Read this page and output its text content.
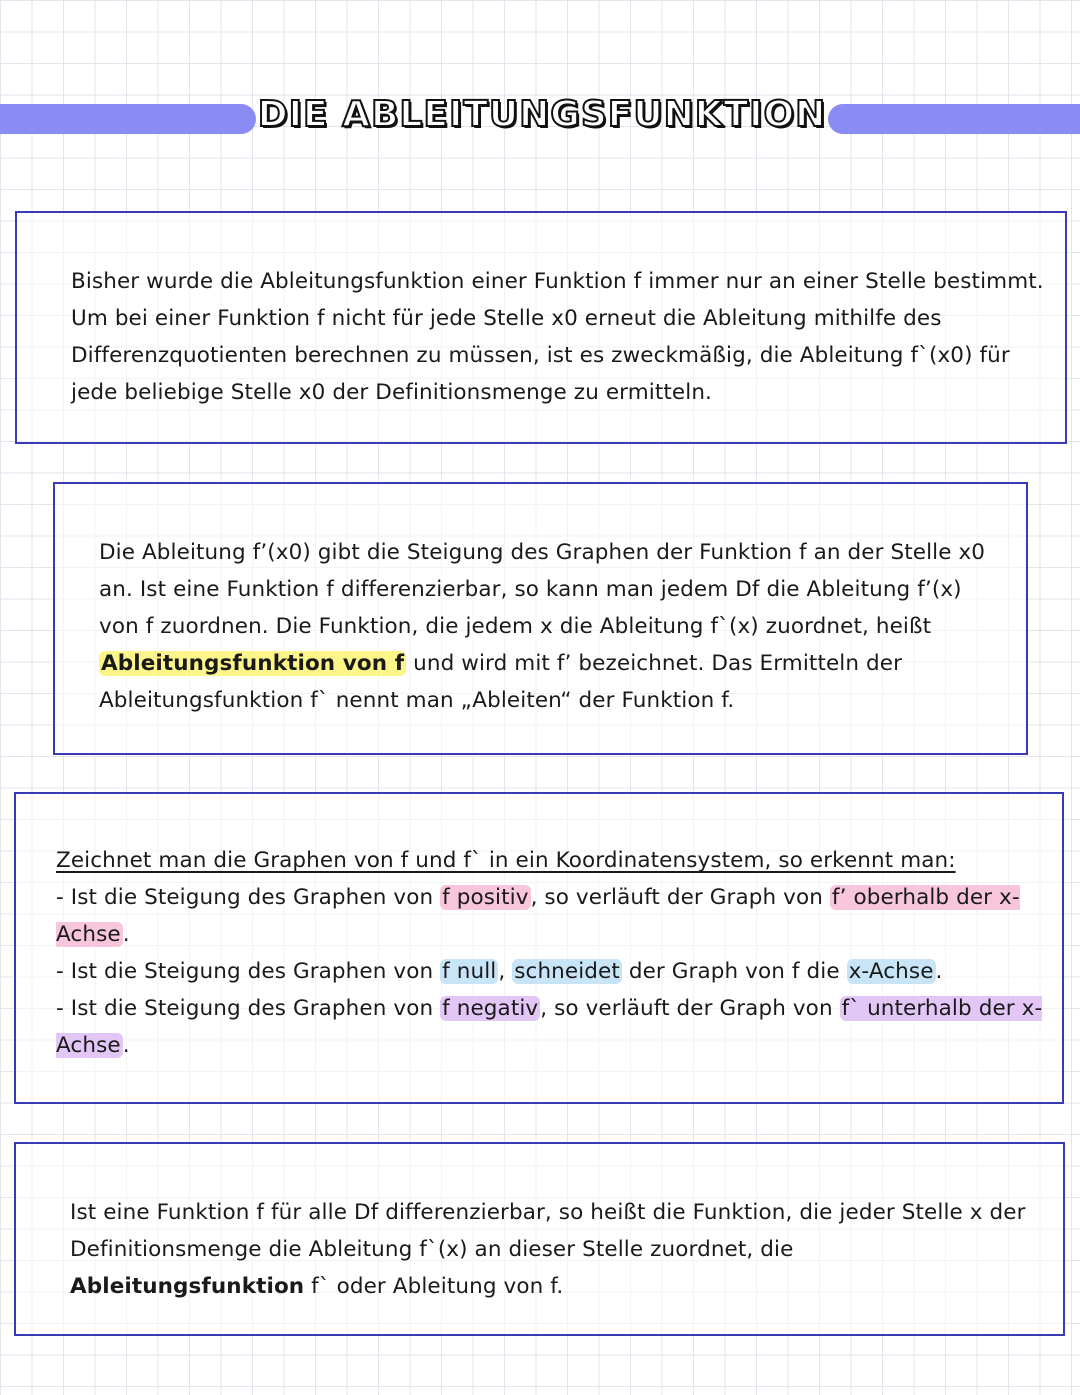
DIE ABLEITUNGSFUNKTION

Bisher wurde die Ableitungsfunktion einer Funktion f immer nur an einer Stelle bestimmt. Um bei einer Funktion f nicht für jede Stelle x0 erneut die Ableitung mithilfe des Differenzquotienten berechnen zu müssen, ist es zweckmäßig, die Ableitung f`(x0) für jede beliebige Stelle x0 der Definitionsmenge zu ermitteln.

Die Ableitung f’(x0) gibt die Steigung des Graphen der Funktion f an der Stelle x0 an. Ist eine Funktion f differenzierbar, so kann man jedem Df die Ableitung f’(x) von f zuordnen. Die Funktion, die jedem x die Ableitung f`(x) zuordnet, heißt Ableitungsfunktion von f und wird mit f’ bezeichnet. Das Ermitteln der Ableitungsfunktion f` nennt man „Ableiten“ der Funktion f.

Zeichnet man die Graphen von f und f` in ein Koordinatensystem, so erkennt man:

- Ist die Steigung des Graphen von f positiv, so verläuft der Graph von f’ oberhalb der x-Achse.

- Ist die Steigung des Graphen von f null, schneidet der Graph von f die x-Achse.

- Ist die Steigung des Graphen von f negativ, so verläuft der Graph von f` unterhalb der x-Achse.

Ist eine Funktion f für alle Df differenzierbar, so heißt die Funktion, die jeder Stelle x der Definitionsmenge die Ableitung f`(x) an dieser Stelle zuordnet, die Ableitungsfunktion f` oder Ableitung von f.
